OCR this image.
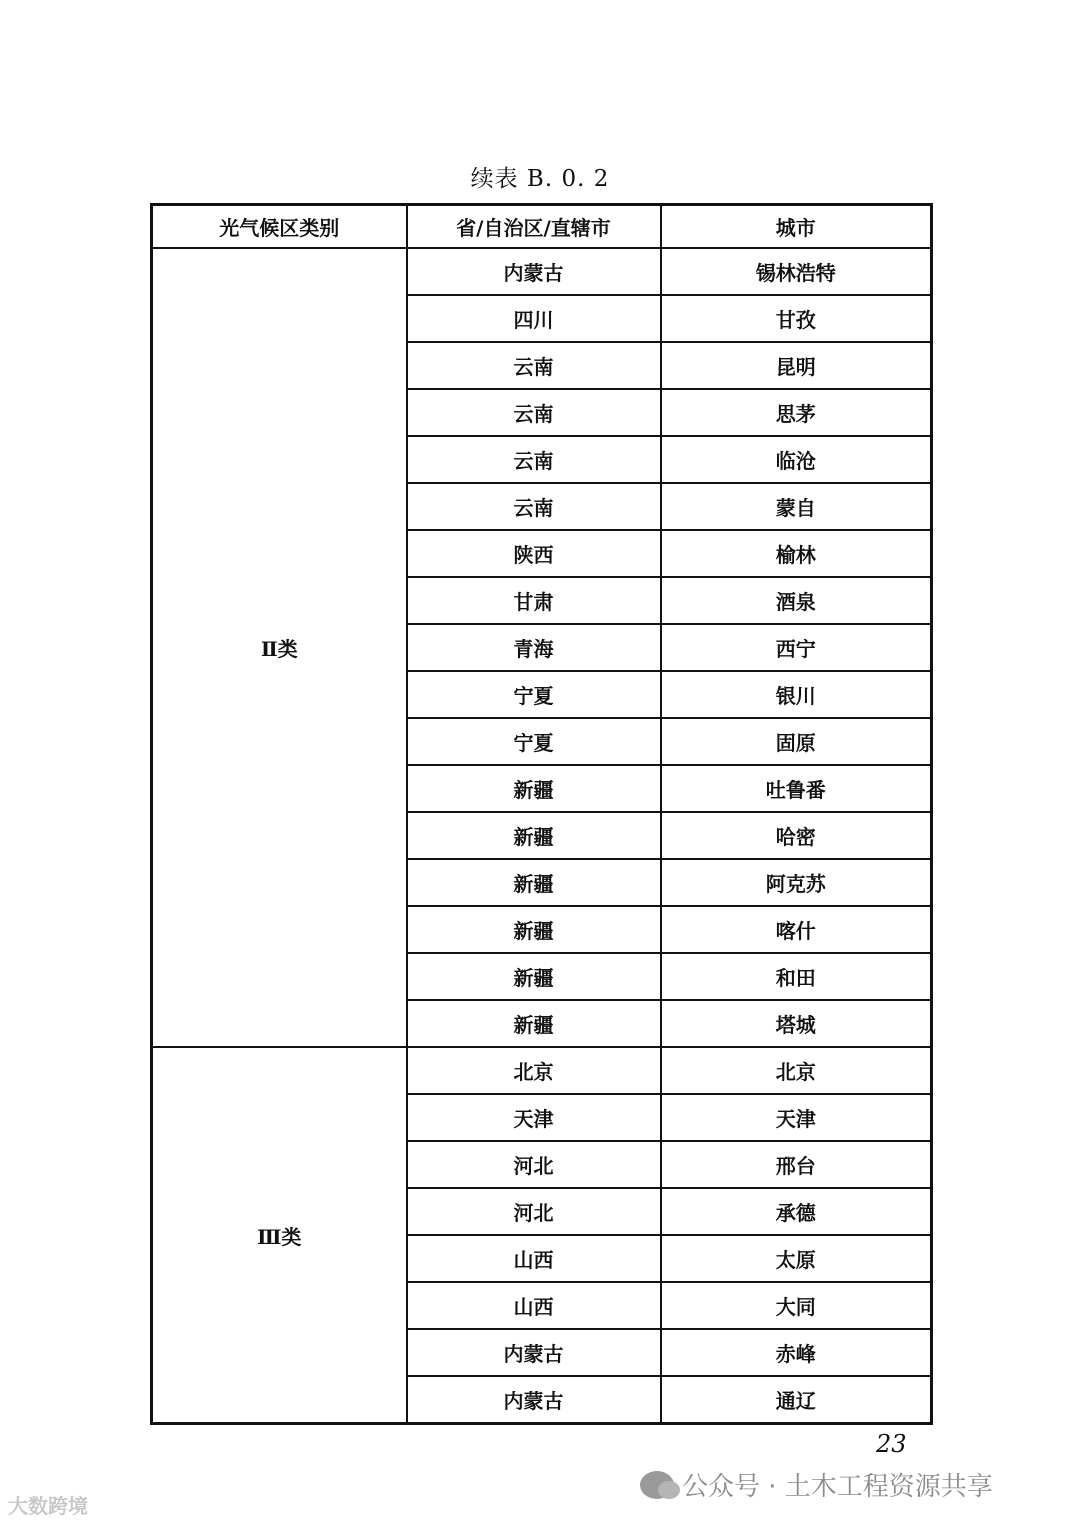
续表 B. 0. 2
光气候区类别	省/自治区/直辖市	城市
Ⅱ类	内蒙古	锡林浩特
	四川	甘孜
	云南	昆明
	云南	思茅
	云南	临沧
	云南	蒙自
	陕西	榆林
	甘肃	酒泉
	青海	西宁
	宁夏	银川
	宁夏	固原
	新疆	吐鲁番
	新疆	哈密
	新疆	阿克苏
	新疆	喀什
	新疆	和田
	新疆	塔城
Ⅲ类	北京	北京
	天津	天津
	河北	邢台
	河北	承德
	山西	太原
	山西	大同
	内蒙古	赤峰
	内蒙古	通辽
23
公众号 · 土木工程资源共享
大数跨境
